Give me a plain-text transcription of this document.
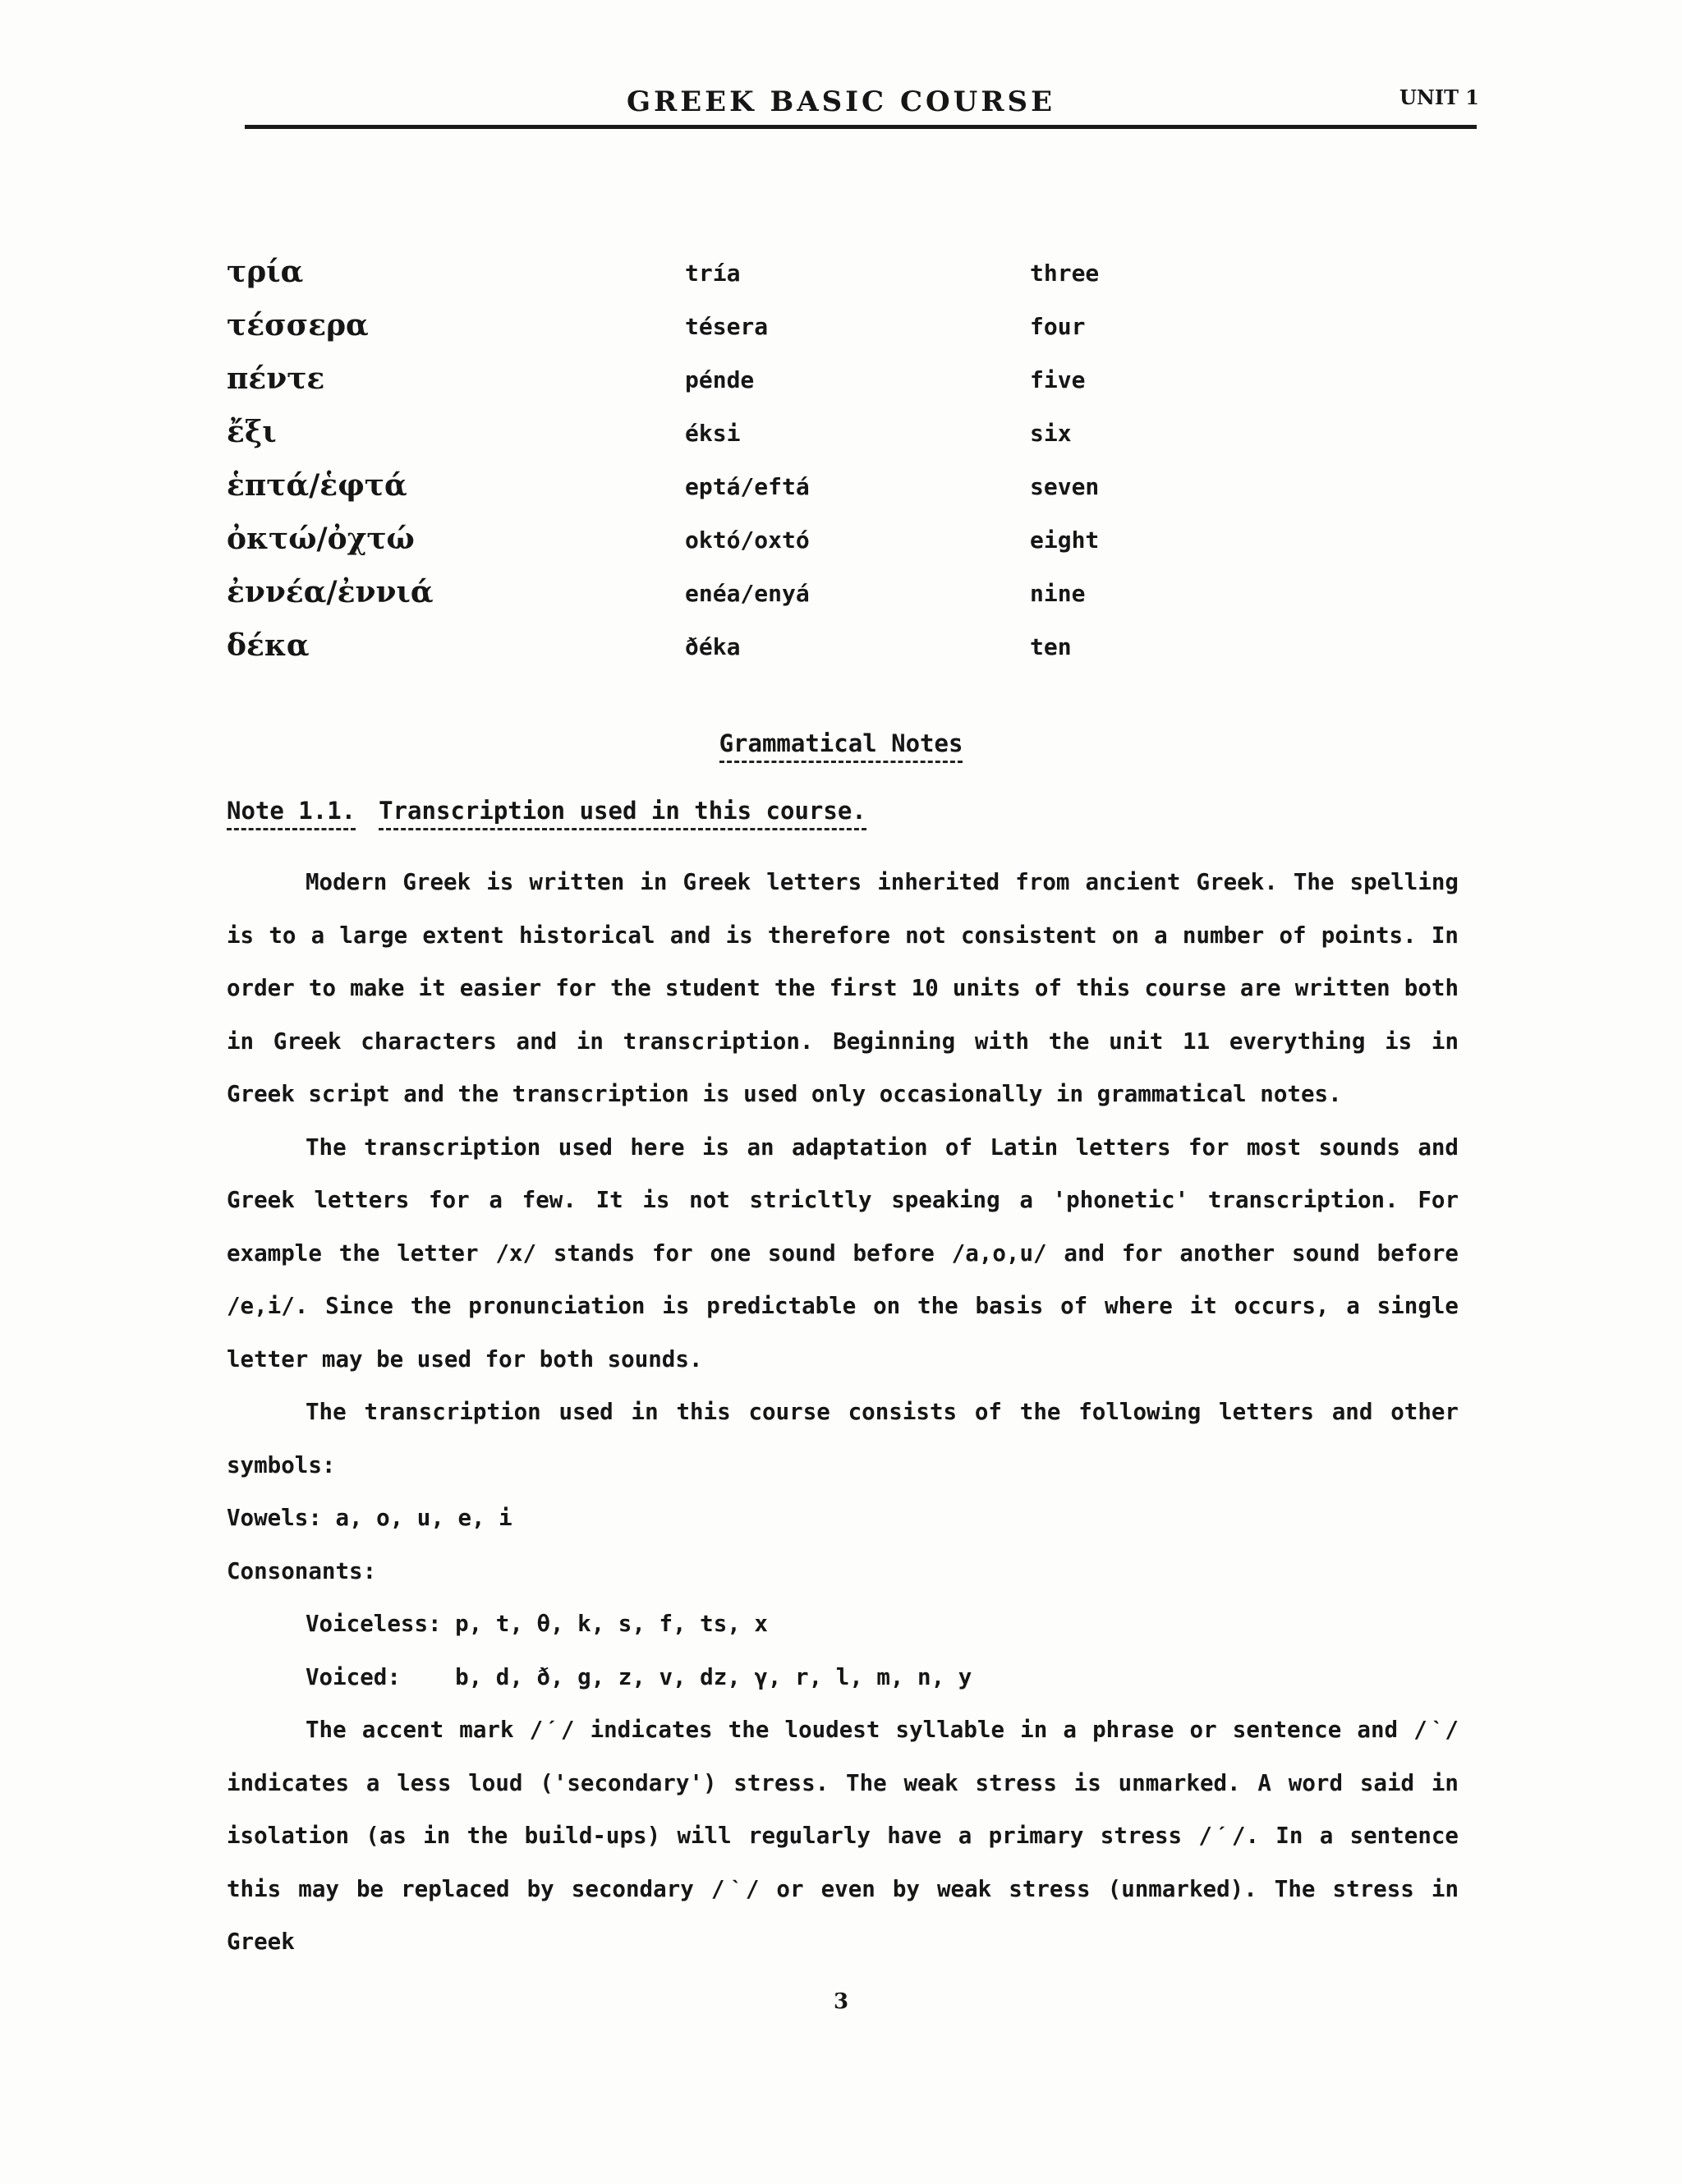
GREEK BASIC COURSE	UNIT 1
τρία	tría	three
τέσσερα	tésera	four
πέντε	pénde	five
ἔξι	éksi	six
ἑπτά/ἑφτά	eptá/eftá	seven
ὀκτώ/ὀχτώ	októ/oxtó	eight
ἐννέα/ἐννιά	enéa/enyá	nine
δέκα	ðéka	ten
Grammatical Notes
Note 1.1. Transcription used in this course.

Modern Greek is written in Greek letters inherited from ancient Greek. The spelling is to a large extent historical and is therefore not consistent on a number of points. In order to make it easier for the student the first 10 units of this course are written both in Greek characters and in transcription. Beginning with the unit 11 everything is in Greek script and the transcription is used only occasionally in grammatical notes.

The transcription used here is an adaptation of Latin letters for most sounds and Greek letters for a few. It is not stricltly speaking a 'phonetic' transcription. For example the letter /x/ stands for one sound before /a,o,u/ and for another sound before /e,i/. Since the pronunciation is predictable on the basis of where it occurs, a single letter may be used for both sounds.

The transcription used in this course consists of the following letters and other symbols:

Vowels: a, o, u, e, i
Consonants:
Voiceless: p, t, θ, k, s, f, ts, x
Voiced:    b, d, ð, g, z, v, dz, γ, r, l, m, n, y

The accent mark /ˊ/ indicates the loudest syllable in a phrase or sentence and /ˋ/ indicates a less loud ('secondary') stress. The weak stress is unmarked. A word said in isolation (as in the build-ups) will regularly have a primary stress /ˊ/. In a sentence this may be replaced by secondary /ˋ/ or even by weak stress (unmarked). The stress in Greek

3
